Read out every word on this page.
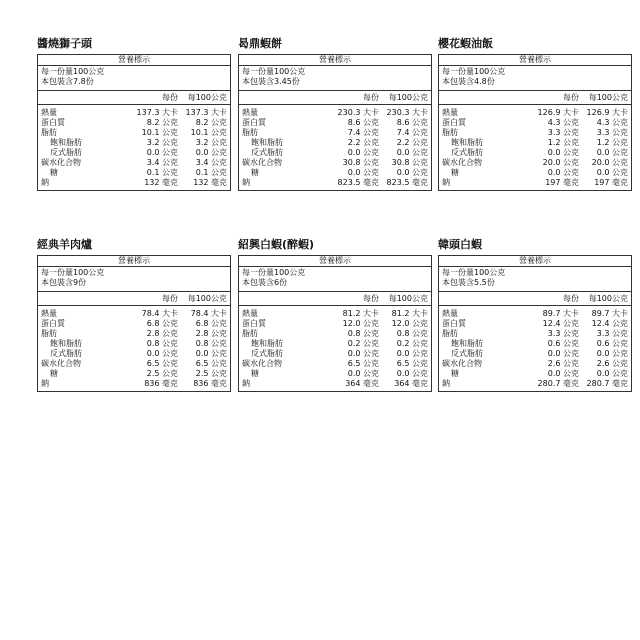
醬燒獅子頭
營養標示
每一份量100公克
本包裝含7.8份
每份 每100公克
熱量	137.3 大卡 137.3 大卡
蛋白質	8.2 公克 8.2 公克
脂肪	10.1 公克 10.1 公克
飽和脂肪	3.2 公克 3.2 公克
反式脂肪	0.0 公克 0.0 公克
碳水化合物	3.4 公克 3.4 公克
糖	0.1 公克 0.1 公克
鈉	132 毫克 132 毫克
曷鼎蝦餅
營養標示
每一份量100公克
本包裝含3.45份
每份 每100公克
熱量	230.3 大卡 230.3 大卡
蛋白質	8.6 公克 8.6 公克
脂肪	7.4 公克 7.4 公克
飽和脂肪	2.2 公克 2.2 公克
反式脂肪	0.0 公克 0.0 公克
碳水化合物	30.8 公克 30.8 公克
糖	0.0 公克 0.0 公克
鈉	823.5 毫克 823.5 毫克
櫻花蝦油飯
營養標示
每一份量100公克
本包裝含4.8份
每份 每100公克
熱量	126.9 大卡 126.9 大卡
蛋白質	4.3 公克 4.3 公克
脂肪	3.3 公克 3.3 公克
飽和脂肪	1.2 公克 1.2 公克
反式脂肪	0.0 公克 0.0 公克
碳水化合物	20.0 公克 20.0 公克
糖	0.0 公克 0.0 公克
鈉	197 毫克 197 毫克
經典羊肉爐
營養標示
每一份量100公克
本包裝含9份
每份 每100公克
熱量	78.4 大卡 78.4 大卡
蛋白質	6.8 公克 6.8 公克
脂肪	2.8 公克 2.8 公克
飽和脂肪	0.8 公克 0.8 公克
反式脂肪	0.0 公克 0.0 公克
碳水化合物	6.5 公克 6.5 公克
糖	2.5 公克 2.5 公克
鈉	836 毫克 836 毫克
紹興白蝦(醉蝦)
營養標示
每一份量100公克
本包裝含6份
每份 每100公克
熱量	81.2 大卡 81.2 大卡
蛋白質	12.0 公克 12.0 公克
脂肪	0.8 公克 0.8 公克
飽和脂肪	0.2 公克 0.2 公克
反式脂肪	0.0 公克 0.0 公克
碳水化合物	6.5 公克 6.5 公克
糖	0.0 公克 0.0 公克
鈉	364 毫克 364 毫克
韓頭白蝦
營養標示
每一份量100公克
本包裝含5.5份
每份 每100公克
熱量	89.7 大卡 89.7 大卡
蛋白質	12.4 公克 12.4 公克
脂肪	3.3 公克 3.3 公克
飽和脂肪	0.6 公克 0.6 公克
反式脂肪	0.0 公克 0.0 公克
碳水化合物	2.6 公克 2.6 公克
糖	0.0 公克 0.0 公克
鈉	280.7 毫克 280.7 毫克
